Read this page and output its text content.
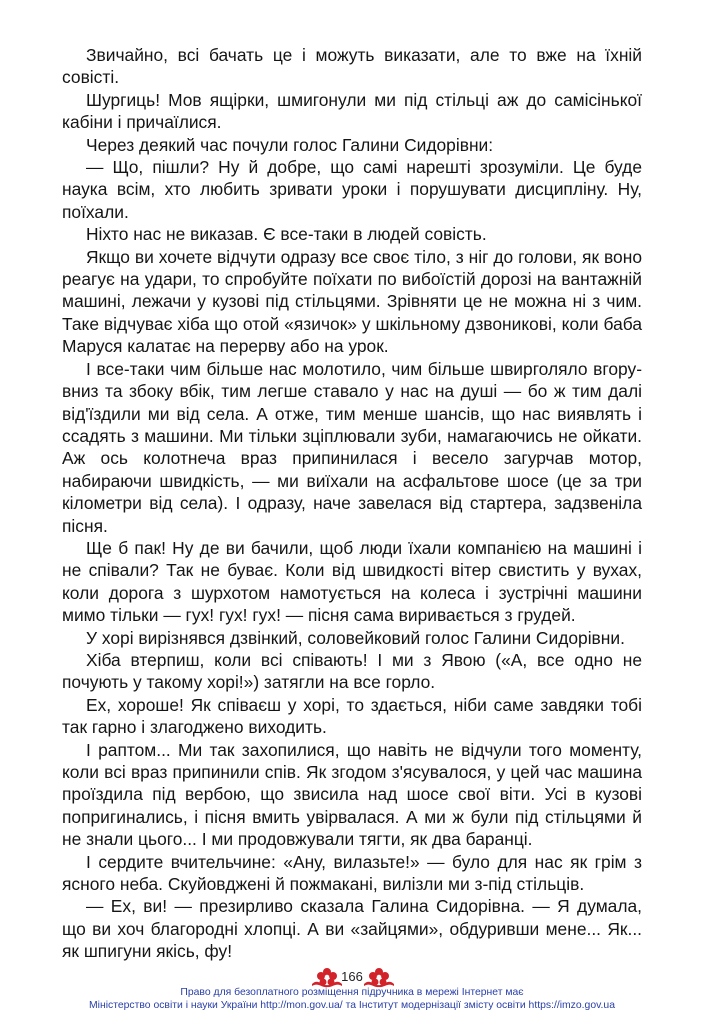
Звичайно, всі бачать це і можуть виказати, але то вже на їхній совісті.

Шургиць! Мов ящірки, шмигонули ми під стільці аж до самісінької кабіни і причаїлися.

Через деякий час почули голос Галини Сидорівни:

— Що, пішли? Ну й добре, що самі нарешті зрозуміли. Це буде наука всім, хто любить зривати уроки і порушувати дисципліну. Ну, поїхали.

Ніхто нас не виказав. Є все-таки в людей совість.

Якщо ви хочете відчути одразу все своє тіло, з ніг до голови, як воно реагує на удари, то спробуйте поїхати по вибоїстій дорозі на вантажній машині, лежачи у кузові під стільцями. Зрівняти це не можна ні з чим. Таке відчуває хіба що отой «язичок» у шкільному дзвоникові, коли баба Маруся калатає на перерву або на урок.

І все-таки чим більше нас молотило, чим більше швирголяло вгору-вниз та збоку вбік, тим легше ставало у нас на душі — бо ж тим далі від'їздили ми від села. А отже, тим менше шансів, що нас виявлять і ссадять з машини. Ми тільки зціплювали зуби, намагаючись не ойкати. Аж ось колотнеча враз припинилася і весело загурчав мотор, набираючи швидкість, — ми виїхали на асфальтове шосе (це за три кілометри від села). І одразу, наче завелася від стартера, задзвеніла пісня.

Ще б пак! Ну де ви бачили, щоб люди їхали компанією на машині і не співали? Так не буває. Коли від швидкості вітер свистить у вухах, коли дорога з шурхотом намотується на колеса і зустрічні машини мимо тільки — гух! гух! гух! — пісня сама виривається з грудей.

У хорі вирізнявся дзвінкий, соловейковий голос Галини Сидорівни.

Хіба втерпиш, коли всі співають! І ми з Явою («А, все одно не почують у такому хорі!») затягли на все горло.

Ех, хороше! Як співаєш у хорі, то здається, ніби саме завдяки тобі так гарно і злагоджено виходить.

І раптом... Ми так захопилися, що навіть не відчули того моменту, коли всі враз припинили спів. Як згодом з'ясувалося, у цей час машина проїздила під вербою, що звисила над шосе свої віти. Усі в кузові попригинались, і пісня вмить увірвалася. А ми ж були під стільцями й не знали цього... І ми продовжували тягти, як два баранці.

І сердите вчительчине: «Ану, вилазьте!» — було для нас як грім з ясного неба. Скуйовджені й пожмакані, вилізли ми з-під стільців.

— Ех, ви! — презирливо сказала Галина Сидорівна. — Я думала, що ви хоч благородні хлопці. А ви «зайцями», обдуривши мене... Як... як шпигуни якісь, фу!

166
Право для безоплатного розміщення підручника в мережі Інтернет має
Міністерство освіти і науки України http://mon.gov.ua/ та Інститут модернізації змісту освіти https://imzo.gov.ua
